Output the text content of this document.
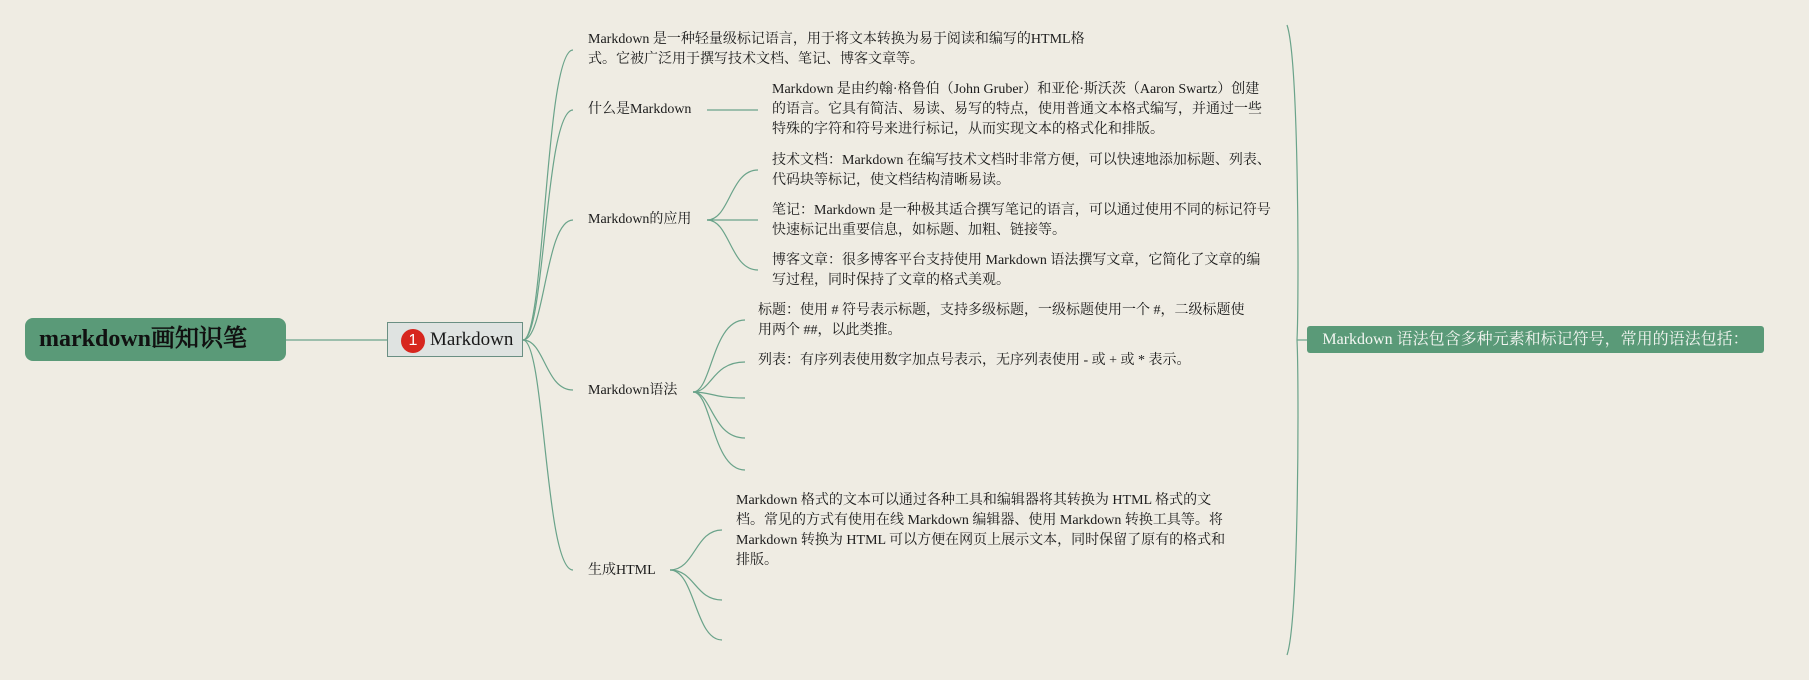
markdown画知识笔	1 Markdown
Markdown 是一种轻量级标记语言，用于将文本转换为易于阅读和编写的HTML格式。它被广泛用于撰写技术文档、笔记、博客文章等。
什么是Markdown
Markdown 是由约翰·格鲁伯（John Gruber）和亚伦·斯沃茨（Aaron Swartz）创建的语言。它具有简洁、易读、易写的特点，使用普通文本格式编写，并通过一些特殊的字符和符号来进行标记，从而实现文本的格式化和排版。
Markdown的应用
技术文档：Markdown 在编写技术文档时非常方便，可以快速地添加标题、列表、代码块等标记，使文档结构清晰易读。
笔记：Markdown 是一种极其适合撰写笔记的语言，可以通过使用不同的标记符号快速标记出重要信息，如标题、加粗、链接等。
博客文章：很多博客平台支持使用 Markdown 语法撰写文章，它简化了文章的编写过程，同时保持了文章的格式美观。
Markdown语法
标题：使用 # 符号表示标题，支持多级标题，一级标题使用一个 #，二级标题使用两个 ##，以此类推。
列表：有序列表使用数字加点号表示，无序列表使用 - 或 + 或 * 表示。
生成HTML
Markdown 格式的文本可以通过各种工具和编辑器将其转换为 HTML 格式的文档。常见的方式有使用在线 Markdown 编辑器、使用 Markdown 转换工具等。将 Markdown 转换为 HTML 可以方便在网页上展示文本，同时保留了原有的格式和排版。
Markdown 语法包含多种元素和标记符号，常用的语法包括：
